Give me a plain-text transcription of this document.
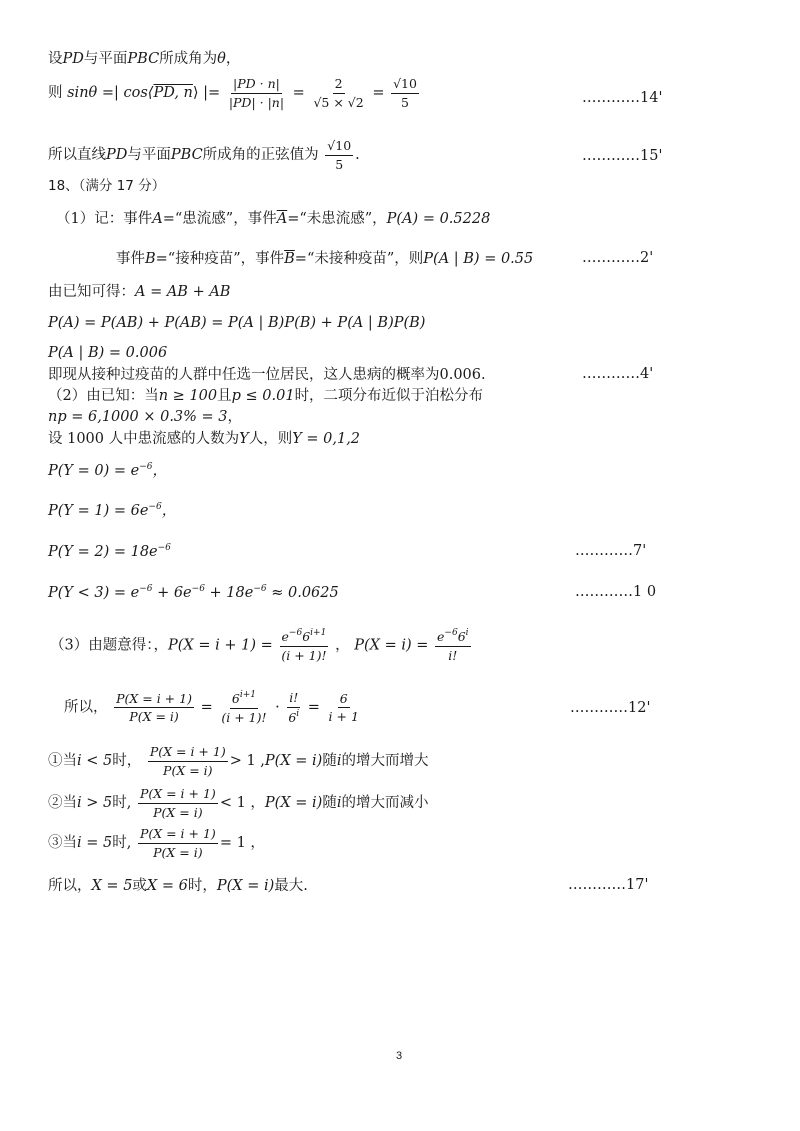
设PD与平面PBC所成角为θ，
则 sinθ =| cos⟨PD, n⟩ |= $\frac{|PD \cdot n|}{|PD| \cdot |n|} = \frac{2}{√5 \times √2} = \frac{√10}{5}$	…………14'
所以直线PD与平面PBC所成角的正弦值为 $\frac{√10}{5}$ .	…………15'
18、（满分 17 分）
（1）记：事件A=“患流感”，事件$\overline{A}=“$未患流感”，P(A) = 0.5228
事件B=“接种疫苗”，事件$\overline{B}=“$未接种疫苗”，则P(A | B) = 0.55	…………2'
由已知可得：A = AB + AB
P(A) = P(AB) + P(AB) = P(A | B)P(B) + P(A | B)P(B)
P(A | B) = 0.006
即现从接种过疫苗的人群中任选一位居民，这人患病的概率为0.006.	…………4'
（2）由已知：当n ≥ 100且p ≤ 0.01时，二项分布近似于泊松分布
np = 6,1000 × 0.3% = 3，
设 1000 人中患流感的人数为Y人，则Y = 0,1,2
$P(Y = 0) = e^{-6}$，
$P(Y = 1) = 6e^{-6}$，
$P(Y = 2) = 18e^{-6}$	…………7'
$P(Y < 3) = e^{-6} + 6e^{-6} + 18e^{-6} \approx 0.0625$	…………1 0
（3）由题意得：，$P(X = i + 1) = \frac{e^{-6}6^{i+1}}{(i + 1)!}$ ， $P(X = i) = \frac{e^{-6}6^i}{i!}$
所以， $\frac{P(X = i + 1)}{P(X = i)} = \frac{6^{i+1}}{(i + 1)!} \cdot \frac{i!}{6^i} = \frac{6}{i + 1}$	…………12'
①当i < 5时， $\frac{P(X = i + 1)}{P(X = i)} > 1$ ,P(X = i)随i的增大而增大
②当i > 5时, $\frac{P(X = i + 1)}{P(X = i)} < 1$ ，P(X = i)随i的增大而减小
③当i = 5时, $\frac{P(X = i + 1)}{P(X = i)} = 1$ ，
所以，X = 5或X = 6时，P(X = i)最大.	…………17'
3
